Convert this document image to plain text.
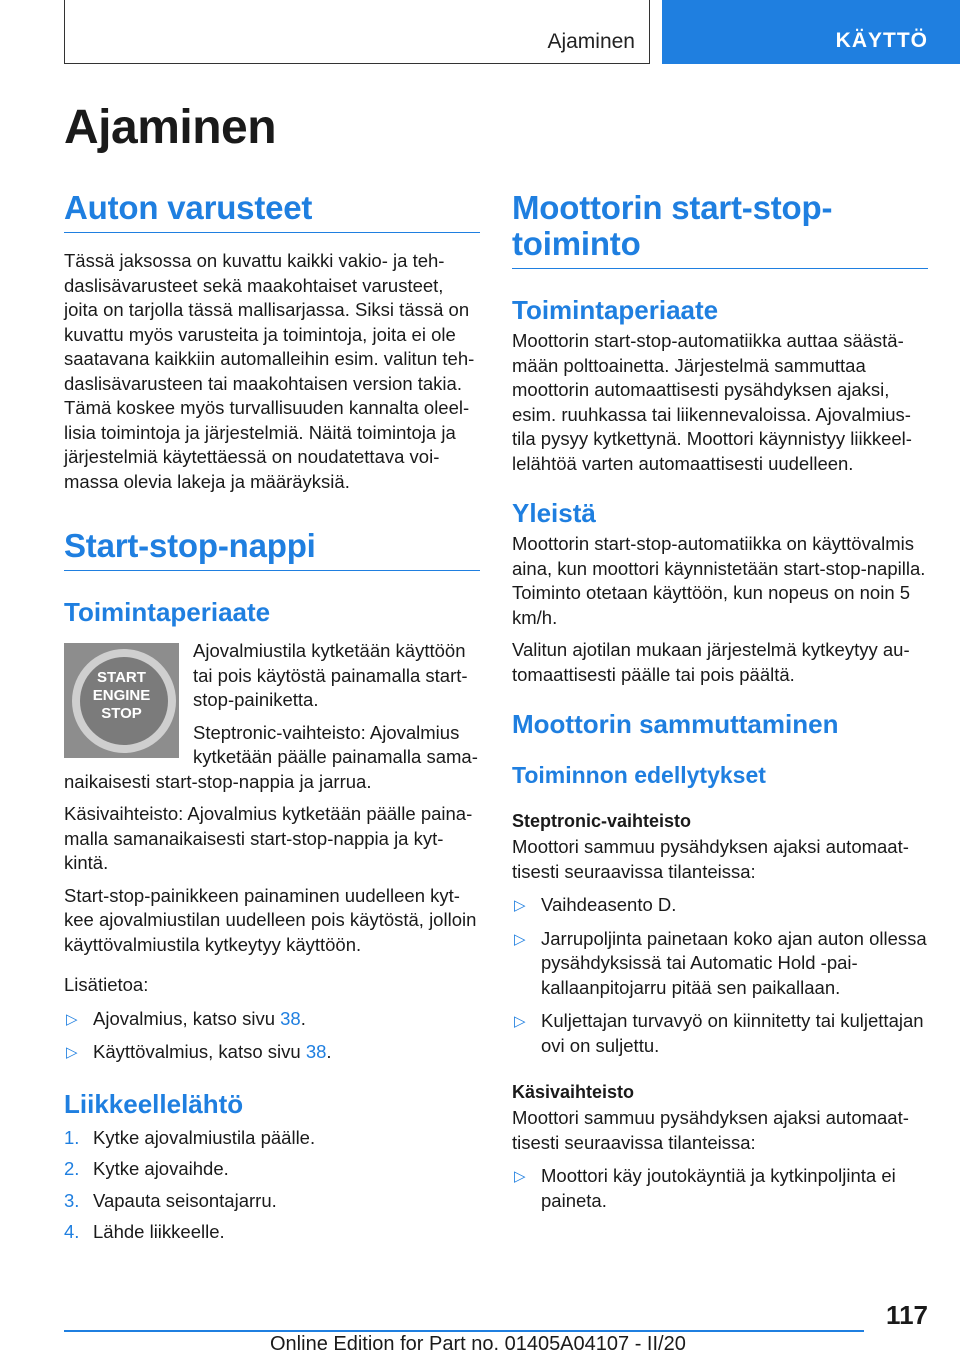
Ajaminen	KÄYTTÖ
Ajaminen
Auton varusteet

Tässä jaksossa on kuvattu kaikki vakio- ja tehdaslisävarusteet sekä maakohtaiset varusteet, joita on tarjolla tässä mallisarjassa. Siksi tässä on kuvattu myös varusteita ja toimintoja, joita ei ole saatavana kaikkiin automalleihin esim. valitun tehdaslisävarusteen tai maakohtaisen version takia. Tämä koskee myös turvallisuuden kannalta oleellisia toimintoja ja järjestelmiä. Näitä toimintoja ja järjestelmiä käytettäessä on noudatettava voimassa olevia lakeja ja määräyksiä.

Start-stop-nappi
Toimintaperiaate
START
ENGINE
STOP

Ajovalmiustila kytketään käyttöön tai pois käytöstä painamalla start-stop-painiketta.

Steptronic-vaihteisto: Ajovalmius kytketään päälle painamalla samanaikaisesti start-stop-nappia ja jarrua.

Käsivaihteisto: Ajovalmius kytketään päälle painamalla samanaikaisesti start-stop-nappia ja kytkintä.

Start-stop-painikkeen painaminen uudelleen kytkee ajovalmiustilan uudelleen pois käytöstä, jolloin käyttövalmiustila kytkeytyy käyttöön.

Lisätietoa:

▷ Ajovalmius, katso sivu 38.
▷ Käyttövalmius, katso sivu 38.
Liikkeellelähtö
1. Kytke ajovalmiustila päälle.
2. Kytke ajovaihde.
3. Vapauta seisontajarru.
4. Lähde liikkeelle.
Moottorin start-stop-toiminto
Toimintaperiaate

Moottorin start-stop-automatiikka auttaa säästämään polttoainetta. Järjestelmä sammuttaa moottorin automaattisesti pysähdyksen ajaksi, esim. ruuhkassa tai liikennevaloissa. Ajovalmiustila pysyy kytkettynä. Moottori käynnistyy liikkeellelähtöä varten automaattisesti uudelleen.

Yleistä

Moottorin start-stop-automatiikka on käyttövalmis aina, kun moottori käynnistetään start-stop-napilla. Toiminto otetaan käyttöön, kun nopeus on noin 5 km/h.

Valitun ajotilan mukaan järjestelmä kytkeytyy automaattisesti päälle tai pois päältä.

Moottorin sammuttaminen
Toiminnon edellytykset
Steptronic-vaihteisto

Moottori sammuu pysähdyksen ajaksi automaattisesti seuraavissa tilanteissa:

▷ Vaihdeasento D.
▷ Jarrupoljinta painetaan koko ajan auton ollessa pysähdyksissä tai Automatic Hold -paikallaanpitojarru pitää sen paikallaan.
▷ Kuljettajan turvavyö on kiinnitetty tai kuljettajan ovi on suljettu.
Käsivaihteisto

Moottori sammuu pysähdyksen ajaksi automaattisesti seuraavissa tilanteissa:

▷ Moottori käy joutokäyntiä ja kytkinpoljinta ei paineta.
117
Online Edition for Part no. 01405A04107 - II/20
